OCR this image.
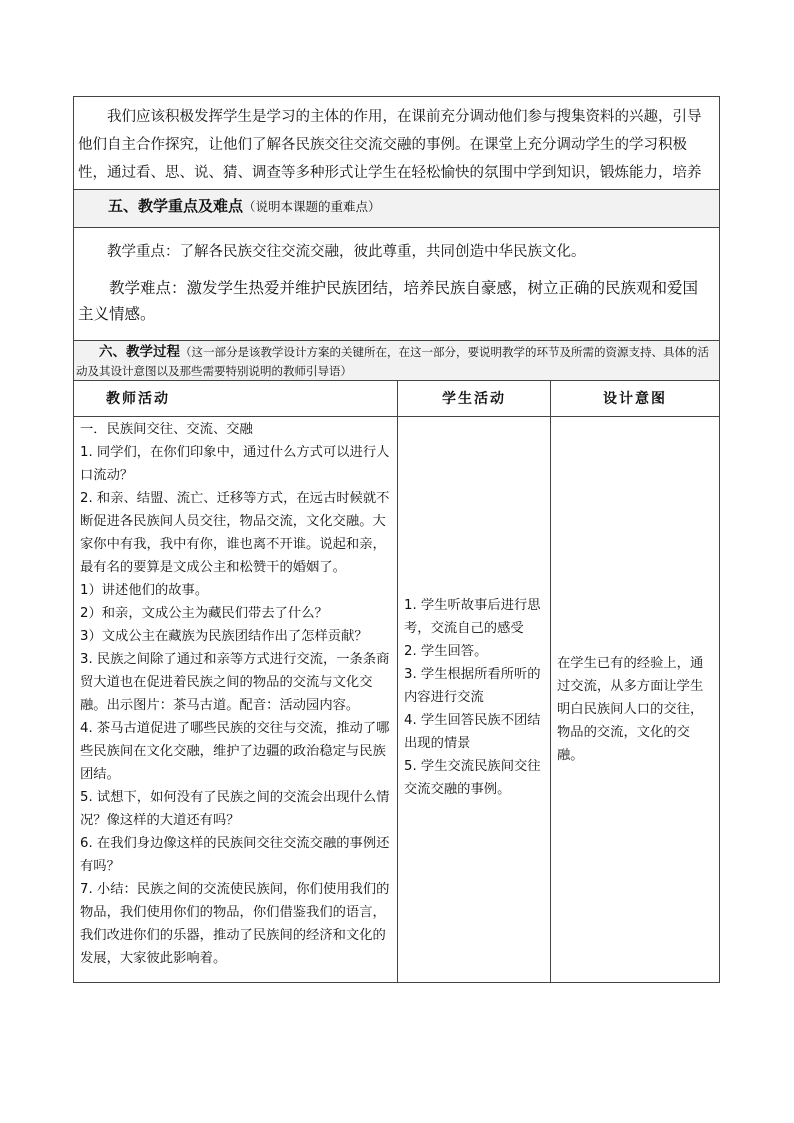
我们应该积极发挥学生是学习的主体的作用，在课前充分调动他们参与搜集资料的兴趣，引导他们自主合作探究，让他们了解各民族交往交流交融的事例。在课堂上充分调动学生的学习积极性，通过看、思、说、猜、调查等多种形式让学生在轻松愉快的氛围中学到知识，锻炼能力，培养

五、教学重点及难点（说明本课题的重难点）

教学重点：了解各民族交往交流交融，彼此尊重，共同创造中华民族文化。

教学难点：激发学生热爱并维护民族团结，培养民族自豪感，树立正确的民族观和爱国主义情感。

六、教学过程（这一部分是该教学设计方案的关键所在，在这一部分，要说明教学的环节及所需的资源支持、具体的活动及其设计意图以及那些需要特别说明的教师引导语）
教师活动	学生活动	设计意图

一．民族间交往、交流、交融

1. 同学们，在你们印象中，通过什么方式可以进行人口流动？

2. 和亲、结盟、流亡、迁移等方式，在远古时候就不断促进各民族间人员交往，物品交流，文化交融。大家你中有我，我中有你，谁也离不开谁。说起和亲，最有名的要算是文成公主和松赞干的婚姻了。

1）讲述他们的故事。

2）和亲，文成公主为藏民们带去了什么？

3）文成公主在藏族为民族团结作出了怎样贡献？

3. 民族之间除了通过和亲等方式进行交流，一条条商贸大道也在促进着民族之间的物品的交流与文化交融。出示图片：茶马古道。配音：活动园内容。

4. 茶马古道促进了哪些民族的交往与交流，推动了哪些民族间在文化交融，维护了边疆的政治稳定与民族团结。

5. 试想下，如何没有了民族之间的交流会出现什么情况？像这样的大道还有吗？

6. 在我们身边像这样的民族间交往交流交融的事例还有吗？

7. 小结：民族之间的交流使民族间，你们使用我们的物品，我们使用你们的物品，你们借鉴我们的语言，我们改进你们的乐器，推动了民族间的经济和文化的发展，大家彼此影响着。

1. 学生听故事后进行思考，交流自己的感受

2. 学生回答。

3. 学生根据所看所听的内容进行交流

4. 学生回答民族不团结出现的情景

5. 学生交流民族间交往交流交融的事例。

在学生已有的经验上，通过交流，从多方面让学生明白民族间人口的交往，物品的交流，文化的交融。
